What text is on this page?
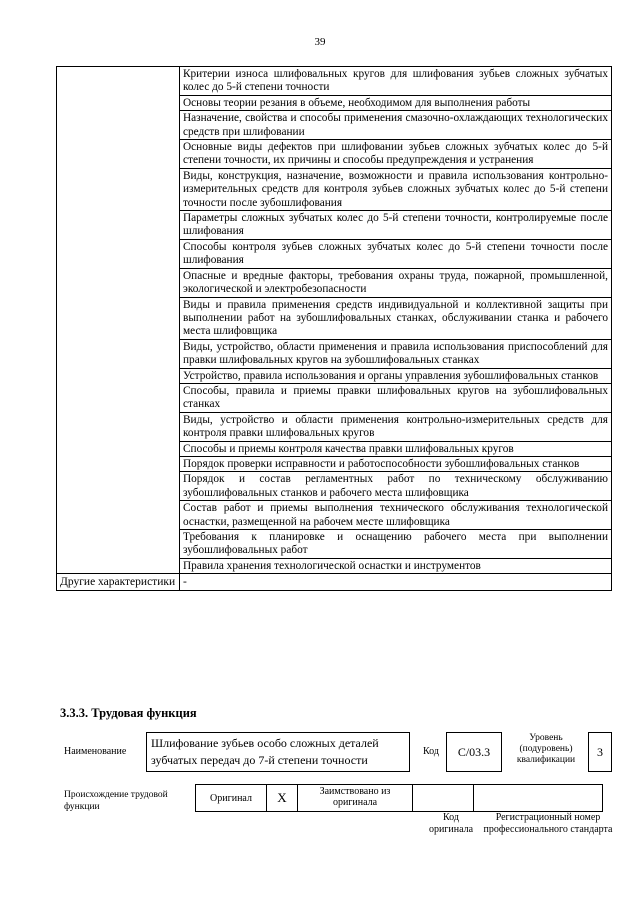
39
	Критерии износа шлифовальных кругов для шлифования зубьев сложных зубчатых колес до 5-й степени точности
	Основы теории резания в объеме, необходимом для выполнения работы
	Назначение, свойства и способы применения смазочно-охлаждающих технологических средств при шлифовании
	Основные виды дефектов при шлифовании зубьев сложных зубчатых колес до 5-й степени точности, их причины и способы предупреждения и устранения
	Виды, конструкция, назначение, возможности и правила использования контрольно-измерительных средств для контроля зубьев сложных зубчатых колес до 5-й степени точности после зубошлифования
	Параметры сложных зубчатых колес до 5-й степени точности, контролируемые после шлифования
	Способы контроля зубьев сложных зубчатых колес до 5-й степени точности после шлифования
	Опасные и вредные факторы, требования охраны труда, пожарной, промышленной, экологической и электробезопасности
	Виды и правила применения средств индивидуальной и коллективной защиты при выполнении работ на зубошлифовальных станках, обслуживании станка и рабочего места шлифовщика
	Виды, устройство, области применения и правила использования приспособлений для правки шлифовальных кругов на зубошлифовальных станках
	Устройство, правила использования и органы управления зубошлифовальных станков
	Способы, правила и приемы правки шлифовальных кругов на зубошлифовальных станках
	Виды, устройство и области применения контрольно-измерительных средств для контроля правки шлифовальных кругов
	Способы и приемы контроля качества правки шлифовальных кругов
	Порядок проверки исправности и работоспособности зубошлифовальных станков
	Порядок и состав регламентных работ по техническому обслуживанию зубошлифовальных станков и рабочего места шлифовщика
	Состав работ и приемы выполнения технического обслуживания технологической оснастки, размещенной на рабочем месте шлифовщика
	Требования к планировке и оснащению рабочего места при выполнении зубошлифовальных работ
	Правила хранения технологической оснастки и инструментов
Другие характеристики	-
3.3.3. Трудовая функция
Наименование
Шлифование зубьев особо сложных деталей зубчатых передач до 7-й степени точности
Код	C/03.3
Уровень (подуровень) квалификации
3
Происхождение трудовой функции
Оригинал	X	Заимствовано из оригинала
Код оригинала
Регистрационный номер профессионального стандарта
